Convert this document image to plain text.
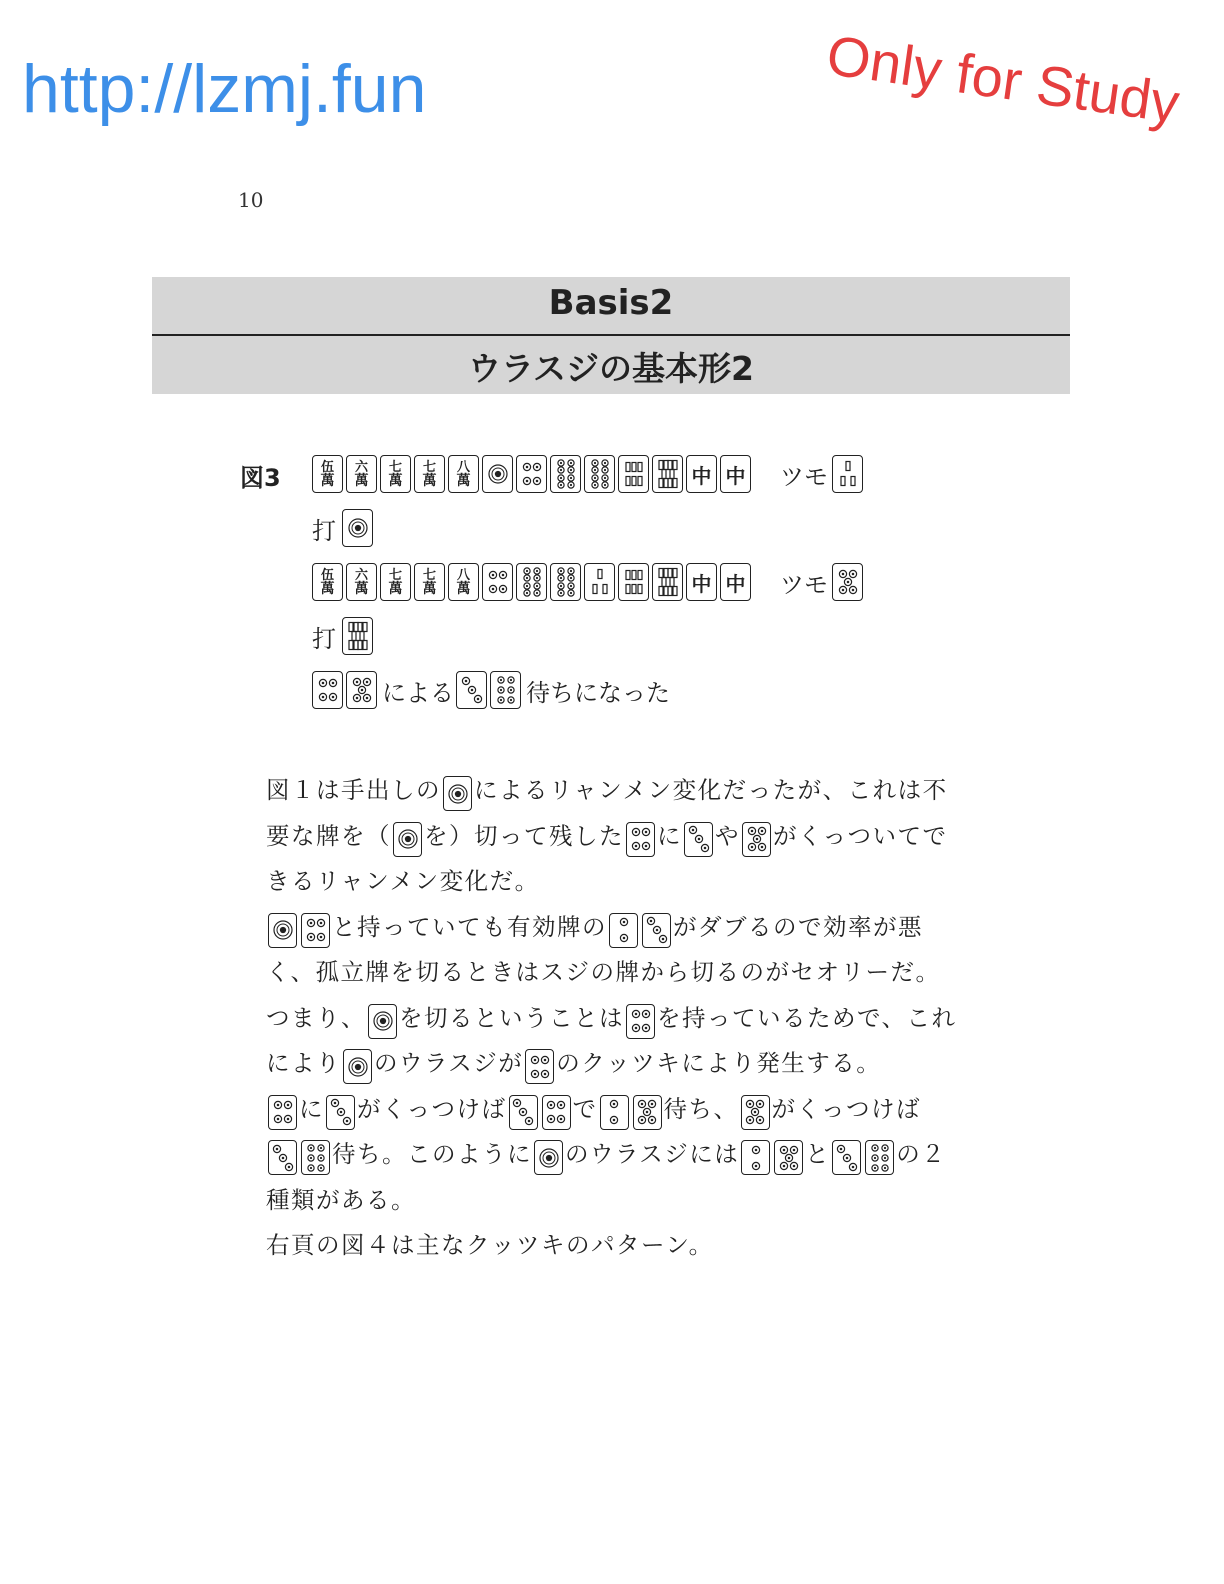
http://lzmj.fun	Only for Study
10
Basis2
ウラスジの基本形2
図3	伍
萬
六
萬
七
萬
七
萬
八
萬	中 中 ツモ
打
伍
萬
六
萬
七
萬
七
萬
八
萬	中 中 ツモ
打
による	待ちになった

図１は手出しの によるリャンメン変化だったが、これは不要な牌を（ を）切って残した に や がくっついてできるリャンメン変化だ。

と持っていても有効牌の	がダブるので効率が悪く、孤立牌を切るときはスジの牌から切るのがセオリーだ。

つまり、 を切るということは を持っているためで、これにより のウラスジが のクッツキにより発生する。

に がくっつけば	で	待ち、 がくっつけば
待ち。このように のウラスジには	と	の２種類がある。

右頁の図４は主なクッツキのパターン。
